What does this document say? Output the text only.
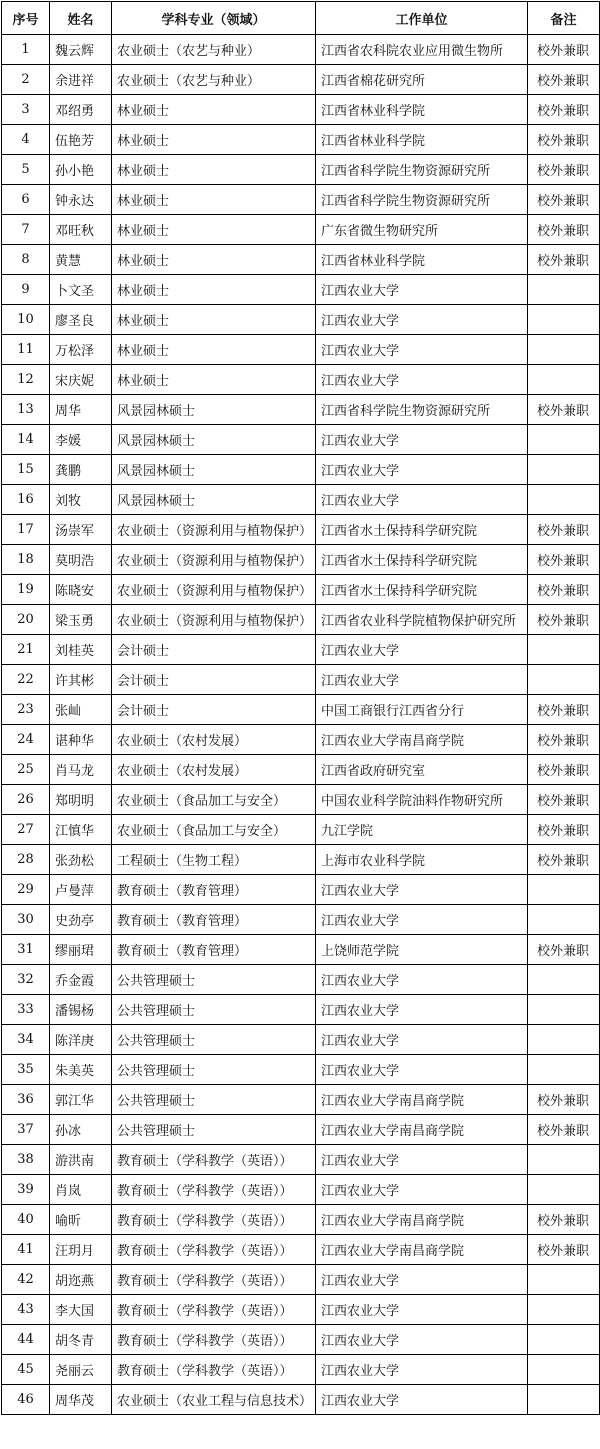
序号	姓名	学科专业（领域）	工作单位	备注
1	魏云辉	农业硕士（农艺与种业）	江西省农科院农业应用微生物所	校外兼职
2	余进祥	农业硕士（农艺与种业）	江西省棉花研究所	校外兼职
3	邓绍勇	林业硕士	江西省林业科学院	校外兼职
4	伍艳芳	林业硕士	江西省林业科学院	校外兼职
5	孙小艳	林业硕士	江西省科学院生物资源研究所	校外兼职
6	钟永达	林业硕士	江西省科学院生物资源研究所	校外兼职
7	邓旺秋	林业硕士	广东省微生物研究所	校外兼职
8	黄慧	林业硕士	江西省林业科学院	校外兼职
9	卜文圣	林业硕士	江西农业大学	
10	廖圣良	林业硕士	江西农业大学	
11	万松泽	林业硕士	江西农业大学	
12	宋庆妮	林业硕士	江西农业大学	
13	周华	风景园林硕士	江西省科学院生物资源研究所	校外兼职
14	李媛	风景园林硕士	江西农业大学	
15	龚鹏	风景园林硕士	江西农业大学	
16	刘牧	风景园林硕士	江西农业大学	
17	汤崇军	农业硕士（资源利用与植物保护）	江西省水土保持科学研究院	校外兼职
18	莫明浩	农业硕士（资源利用与植物保护）	江西省水土保持科学研究院	校外兼职
19	陈晓安	农业硕士（资源利用与植物保护）	江西省水土保持科学研究院	校外兼职
20	梁玉勇	农业硕士（资源利用与植物保护）	江西省农业科学院植物保护研究所	校外兼职
21	刘桂英	会计硕士	江西农业大学	
22	许其彬	会计硕士	江西农业大学	
23	张屾	会计硕士	中国工商银行江西省分行	校外兼职
24	谌种华	农业硕士（农村发展）	江西农业大学南昌商学院	校外兼职
25	肖马龙	农业硕士（农村发展）	江西省政府研究室	校外兼职
26	郑明明	农业硕士（食品加工与安全）	中国农业科学院油料作物研究所	校外兼职
27	江慎华	农业硕士（食品加工与安全）	九江学院	校外兼职
28	张劲松	工程硕士（生物工程）	上海市农业科学院	校外兼职
29	卢曼萍	教育硕士（教育管理）	江西农业大学	
30	史劲亭	教育硕士（教育管理）	江西农业大学	
31	缪丽珺	教育硕士（教育管理）	上饶师范学院	校外兼职
32	乔金霞	公共管理硕士	江西农业大学	
33	潘锡杨	公共管理硕士	江西农业大学	
34	陈洋庚	公共管理硕士	江西农业大学	
35	朱美英	公共管理硕士	江西农业大学	
36	郭江华	公共管理硕士	江西农业大学南昌商学院	校外兼职
37	孙冰	公共管理硕士	江西农业大学南昌商学院	校外兼职
38	游洪南	教育硕士（学科教学（英语））	江西农业大学	
39	肖岚	教育硕士（学科教学（英语））	江西农业大学	
40	喻昕	教育硕士（学科教学（英语））	江西农业大学南昌商学院	校外兼职
41	汪玥月	教育硕士（学科教学（英语））	江西农业大学南昌商学院	校外兼职
42	胡迩燕	教育硕士（学科教学（英语））	江西农业大学	
43	李大国	教育硕士（学科教学（英语））	江西农业大学	
44	胡冬青	教育硕士（学科教学（英语））	江西农业大学	
45	尧丽云	教育硕士（学科教学（英语））	江西农业大学	
46	周华茂	农业硕士（农业工程与信息技术）	江西农业大学	
